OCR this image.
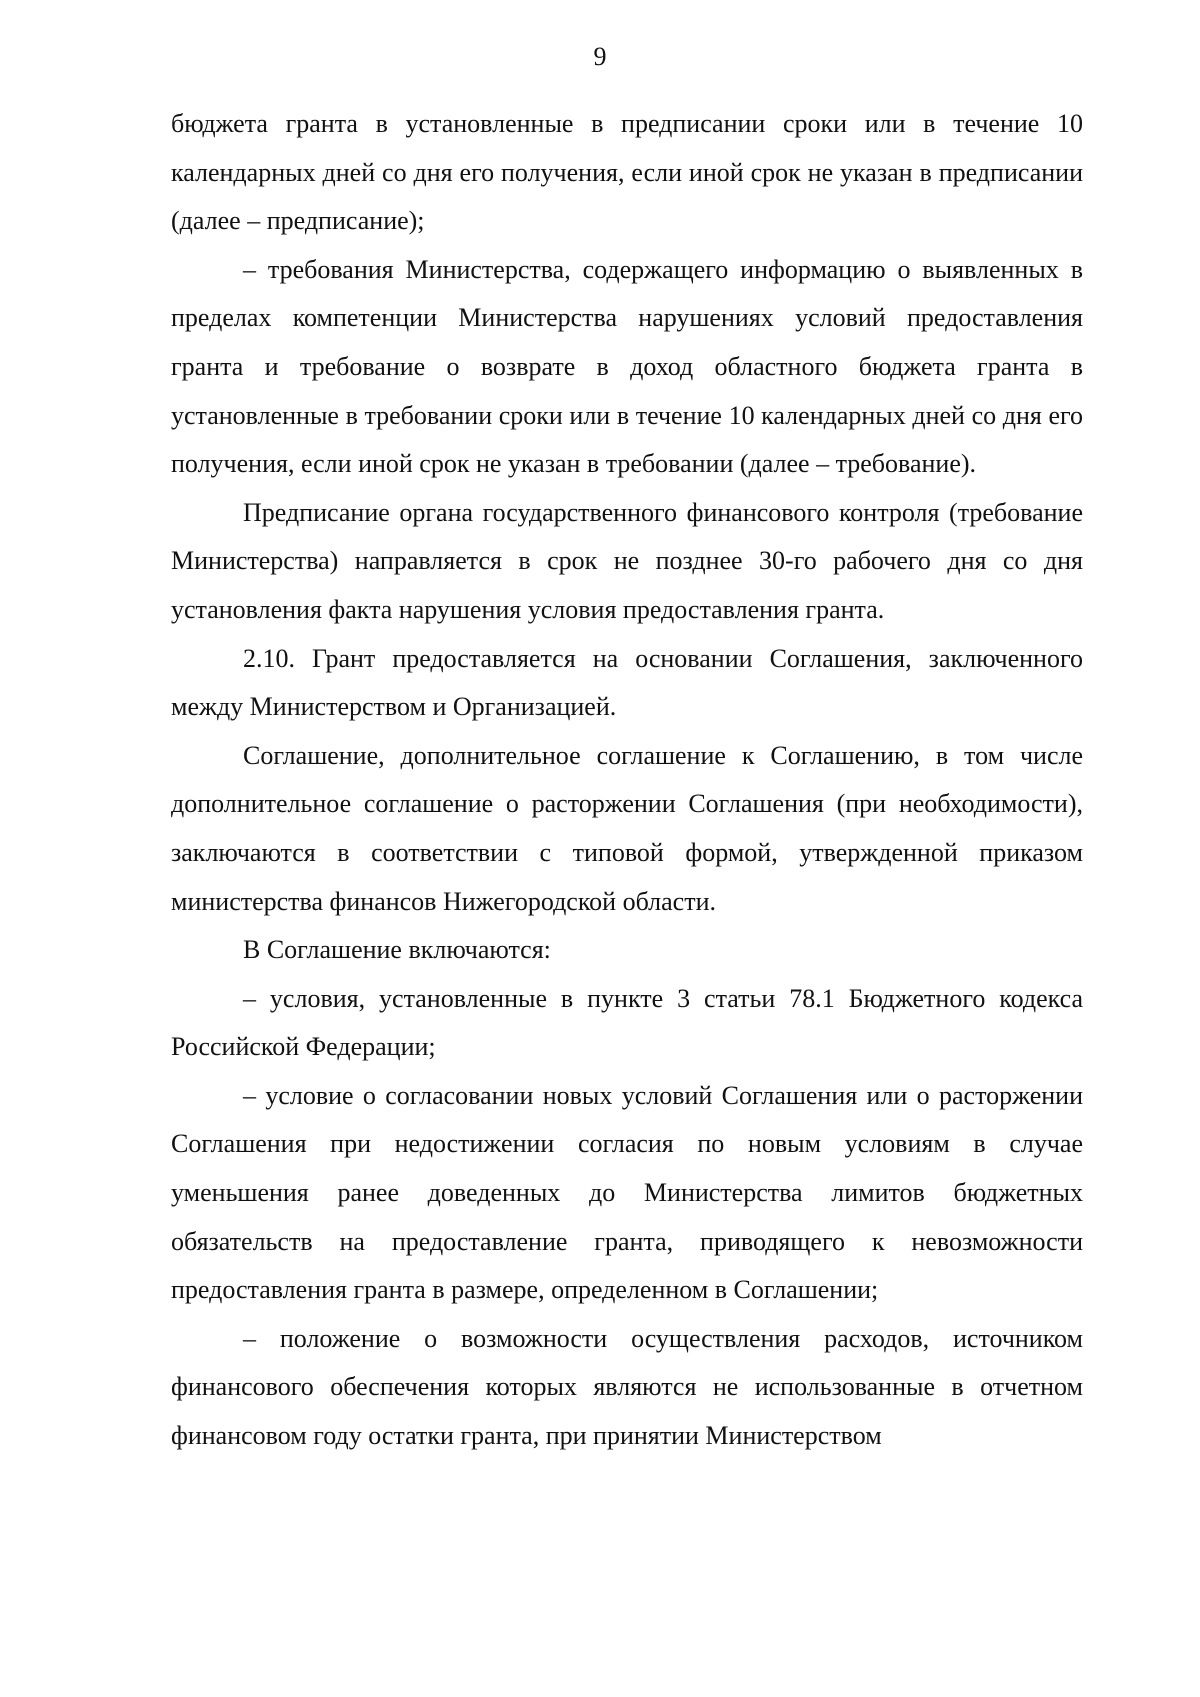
9

бюджета гранта в установленные в предписании сроки или в течение 10 календарных дней со дня его получения, если иной срок не указан в предписании (далее – предписание);

– требования Министерства, содержащего информацию о выявленных в пределах компетенции Министерства нарушениях условий предоставления гранта и требование о возврате в доход областного бюджета гранта в установленные в требовании сроки или в течение 10 календарных дней со дня его получения, если иной срок не указан в требовании (далее – требование).

Предписание органа государственного финансового контроля (требование Министерства) направляется в срок не позднее 30-го рабочего дня со дня установления факта нарушения условия предоставления гранта.

2.10. Грант предоставляется на основании Соглашения, заключенного между Министерством и Организацией.

Соглашение, дополнительное соглашение к Соглашению, в том числе дополнительное соглашение о расторжении Соглашения (при необходимости), заключаются в соответствии с типовой формой, утвержденной приказом министерства финансов Нижегородской области.

В Соглашение включаются:

– условия, установленные в пункте 3 статьи 78.1 Бюджетного кодекса Российской Федерации;

– условие о согласовании новых условий Соглашения или о расторжении Соглашения при недостижении согласия по новым условиям в случае уменьшения ранее доведенных до Министерства лимитов бюджетных обязательств на предоставление гранта, приводящего к невозможности предоставления гранта в размере, определенном в Соглашении;

– положение о возможности осуществления расходов, источником финансового обеспечения которых являются не использованные в отчетном финансовом году остатки гранта, при принятии Министерством
